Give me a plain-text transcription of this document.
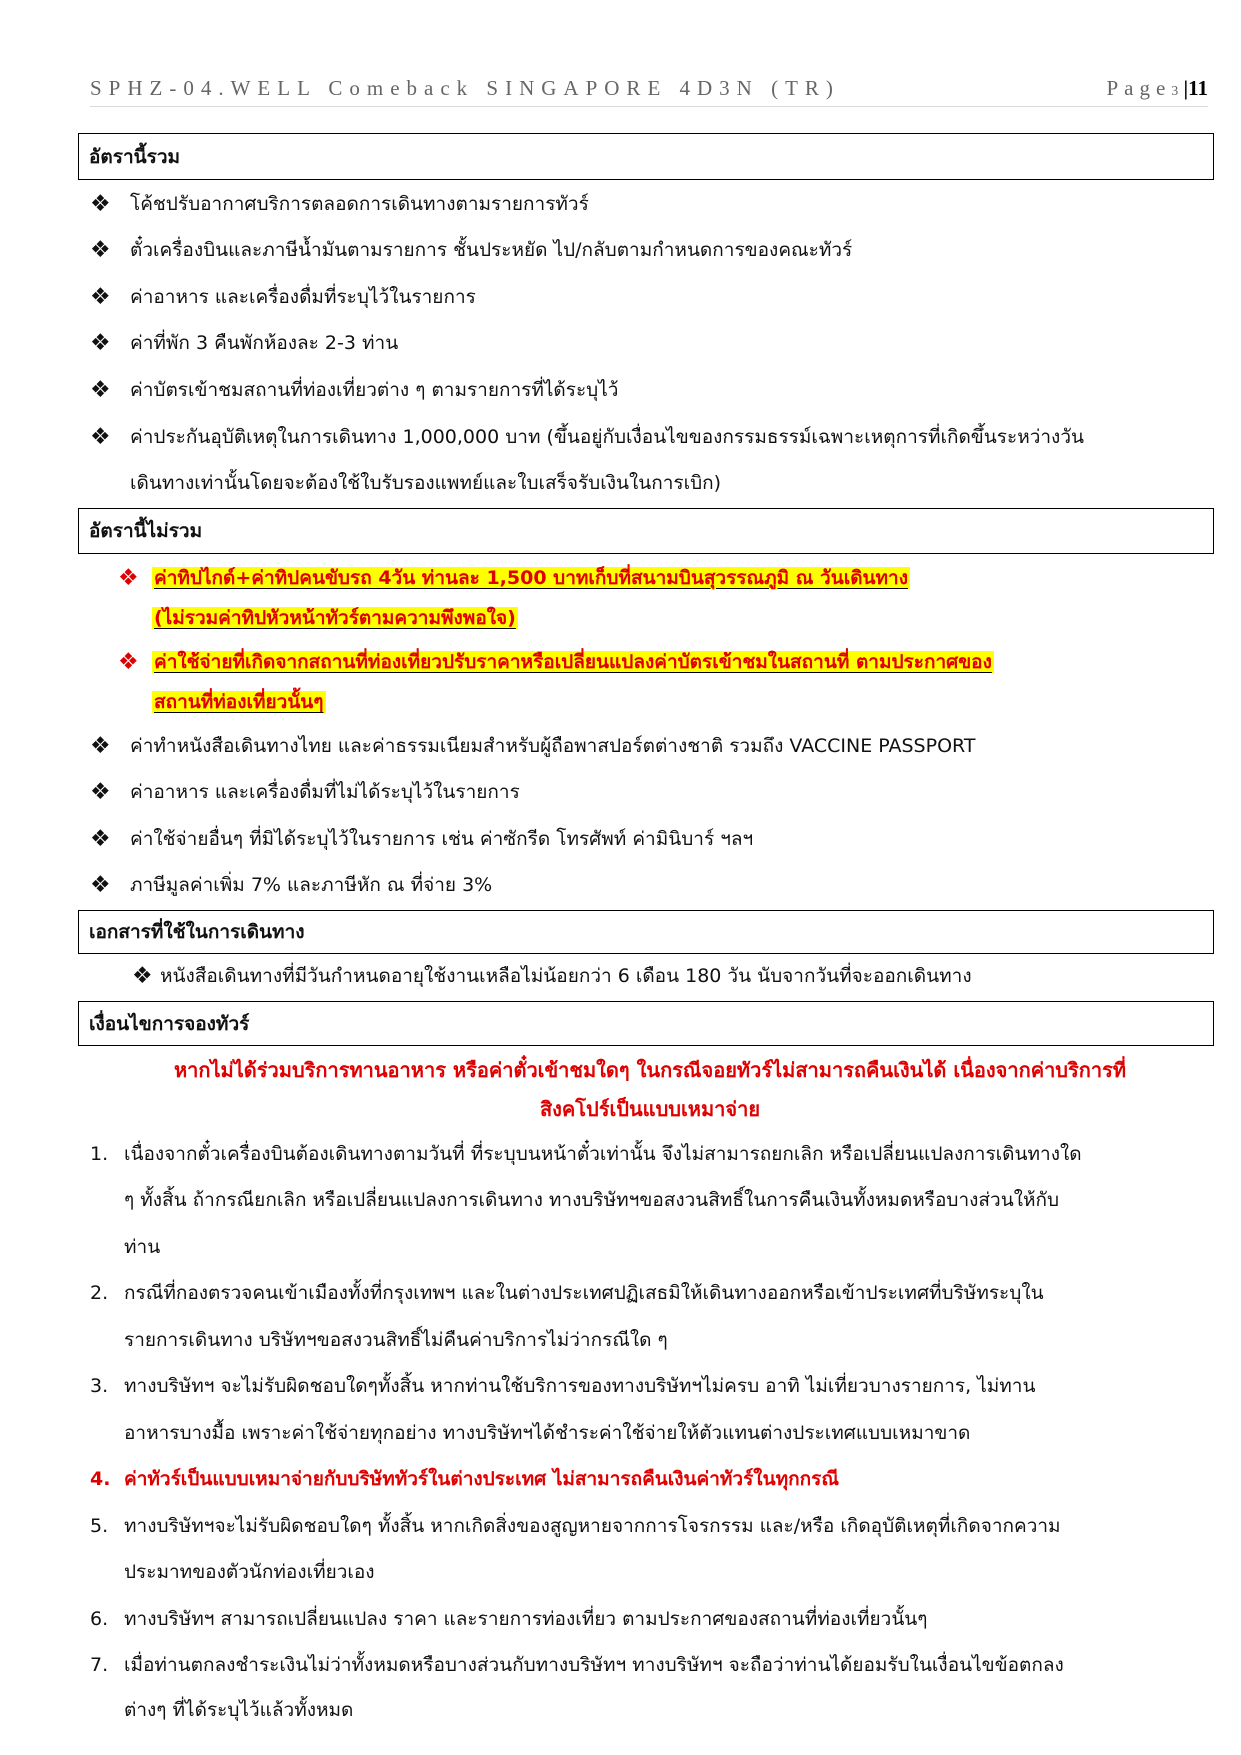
SPHZ-04.WELL Comeback SINGAPORE 4D3N (TR)	Page3 |11
อัตรานี้รวม
❖ โค้ชปรับอากาศบริการตลอดการเดินทางตามรายการทัวร์
❖ ตั๋วเครื่องบินและภาษีน้ำมันตามรายการ ชั้นประหยัด ไป/กลับตามกำหนดการของคณะทัวร์
❖ ค่าอาหาร และเครื่องดื่มที่ระบุไว้ในรายการ
❖ ค่าที่พัก 3 คืนพักห้องละ 2-3 ท่าน
❖ ค่าบัตรเข้าชมสถานที่ท่องเที่ยวต่าง ๆ ตามรายการที่ได้ระบุไว้
❖ ค่าประกันอุบัติเหตุในการเดินทาง 1,000,000 บาท (ขึ้นอยู่กับเงื่อนไขของกรรมธรรม์เฉพาะเหตุการที่เกิดขึ้นระหว่างวัน
เดินทางเท่านั้นโดยจะต้องใช้ใบรับรองแพทย์และใบเสร็จรับเงินในการเบิก)
อัตรานี้ไม่รวม
❖ ค่าทิปไกด์+ค่าทิปคนขับรถ 4วัน ท่านละ 1,500 บาทเก็บที่สนามบินสุวรรณภูมิ ณ วันเดินทาง
(ไม่รวมค่าทิปหัวหน้าทัวร์ตามความพึงพอใจ)
❖ ค่าใช้จ่ายที่เกิดจากสถานที่ท่องเที่ยวปรับราคาหรือเปลี่ยนแปลงค่าบัตรเข้าชมในสถานที่ ตามประกาศของ
สถานที่ท่องเที่ยวนั้นๆ
❖ ค่าทำหนังสือเดินทางไทย และค่าธรรมเนียมสำหรับผู้ถือพาสปอร์ตต่างชาติ รวมถึง VACCINE PASSPORT
❖ ค่าอาหาร และเครื่องดื่มที่ไม่ได้ระบุไว้ในรายการ
❖ ค่าใช้จ่ายอื่นๆ ที่มิได้ระบุไว้ในรายการ เช่น ค่าซักรีด โทรศัพท์ ค่ามินิบาร์ ฯลฯ
❖ ภาษีมูลค่าเพิ่ม 7% และภาษีหัก ณ ที่จ่าย 3%
เอกสารที่ใช้ในการเดินทาง
❖ หนังสือเดินทางที่มีวันกำหนดอายุใช้งานเหลือไม่น้อยกว่า 6 เดือน 180 วัน นับจากวันที่จะออกเดินทาง
เงื่อนไขการจองทัวร์
หากไม่ได้ร่วมบริการทานอาหาร หรือค่าตั๋วเข้าชมใดๆ ในกรณีจอยทัวร์ไม่สามารถคืนเงินได้ เนื่องจากค่าบริการที่
สิงคโปร์เป็นแบบเหมาจ่าย
1. เนื่องจากตั๋วเครื่องบินต้องเดินทางตามวันที่ ที่ระบุบนหน้าตั๋วเท่านั้น จึงไม่สามารถยกเลิก หรือเปลี่ยนแปลงการเดินทางใด
ๆ ทั้งสิ้น ถ้ากรณียกเลิก หรือเปลี่ยนแปลงการเดินทาง ทางบริษัทฯขอสงวนสิทธิ์ในการคืนเงินทั้งหมดหรือบางส่วนให้กับ
ท่าน
2. กรณีที่กองตรวจคนเข้าเมืองทั้งที่กรุงเทพฯ และในต่างประเทศปฏิเสธมิให้เดินทางออกหรือเข้าประเทศที่บริษัทระบุใน
รายการเดินทาง บริษัทฯขอสงวนสิทธิ์ไม่คืนค่าบริการไม่ว่ากรณีใด ๆ
3. ทางบริษัทฯ จะไม่รับผิดชอบใดๆทั้งสิ้น หากท่านใช้บริการของทางบริษัทฯไม่ครบ อาทิ ไม่เที่ยวบางรายการ, ไม่ทาน
อาหารบางมื้อ เพราะค่าใช้จ่ายทุกอย่าง ทางบริษัทฯได้ชำระค่าใช้จ่ายให้ตัวแทนต่างประเทศแบบเหมาขาด
4. ค่าทัวร์เป็นแบบเหมาจ่ายกับบริษัททัวร์ในต่างประเทศ ไม่สามารถคืนเงินค่าทัวร์ในทุกกรณี
5. ทางบริษัทฯจะไม่รับผิดชอบใดๆ ทั้งสิ้น หากเกิดสิ่งของสูญหายจากการโจรกรรม และ/หรือ เกิดอุบัติเหตุที่เกิดจากความ
ประมาทของตัวนักท่องเที่ยวเอง
6. ทางบริษัทฯ สามารถเปลี่ยนแปลง ราคา และรายการท่องเที่ยว ตามประกาศของสถานที่ท่องเที่ยวนั้นๆ
7. เมื่อท่านตกลงชำระเงินไม่ว่าทั้งหมดหรือบางส่วนกับทางบริษัทฯ ทางบริษัทฯ จะถือว่าท่านได้ยอมรับในเงื่อนไขข้อตกลง
ต่างๆ ที่ได้ระบุไว้แล้วทั้งหมด
